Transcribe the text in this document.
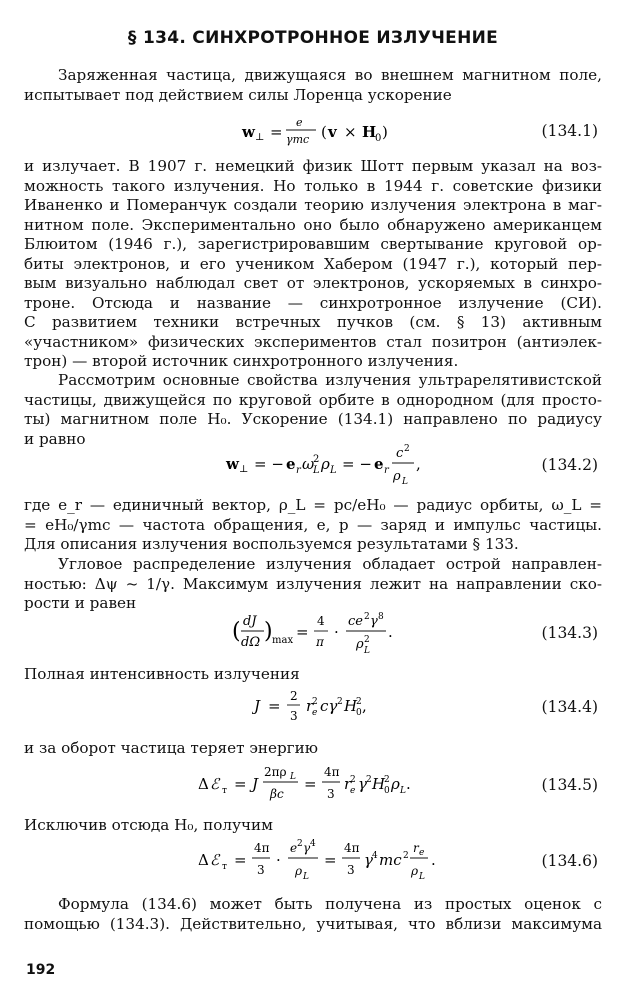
§ 134. СИНХРОТРОННОЕ ИЗЛУЧЕНИЕ
Заряженная частица, движущаяся во внешнем магнитном поле,
испытывает под действием силы Лоренца ускорение
w ⊥ =
e
γmc ( v × H
0 )	(134.1)
и излучает. В 1907 г. немецкий физик Шотт первым указал на воз-
можность такого излучения. Но только в 1944 г. советские физики
Иваненко и Померанчук создали теорию излучения электрона в маг-
нитном поле. Экспериментально оно было обнаружено американцем
Блюитом (1946 г.), зарегистрировавшим свертывание круговой ор-
биты электронов, и его учеником Хабером (1947 г.), который пер-
вым визуально наблюдал свет от электронов, ускоряемых в синхро-
троне. Отсюда и название — синхротронное излучение (СИ).
С развитием техники встречных пучков (см. § 13) активным
«участником» физических экспериментов стал позитрон (антиэлек-
трон) — второй источник синхротронного излучения.
Рассмотрим основные свойства излучения ультрарелятивистской
частицы, движущейся по круговой орбите в однородном (для просто-
ты) магнитном поле H₀. Ускорение (134.1) направлено по радиусу
и равно
w ⊥ = − e r ω
2
L ρ L = − e r
c 2
ρ L
,	(134.2)
где e_r — единичный вектор, ρ_L = pc/eH₀ — радиус орбиты, ω_L =
= eH₀/γmc — частота обращения, e, p — заряд и импульс частицы.
Для описания излучения воспользуемся результатами § 133.
Угловое распределение излучения обладает острой направлен-
ностью: Δψ ~ 1/γ. Максимум излучения лежит на направлении ско-
рости и равен
( dJ
dΩ ) max =
4
π
·
ce 2 γ 8
ρ 2
L
.	(134.3)
Полная интенсивность излучения
J =
2
3
r
2
e cγ 2 H
2
0 ,	(134.4)
и за оборот частица теряет энергию
Δ ℰ т = J
2πρ L
βc
=
4π
3
r
2
e γ 2 H
2
0 ρ L .	(134.5)
Исключив отсюда H₀, получим
Δ ℰ т =
4π
3
·
e 2 γ 4
ρ L
=
4π
3
γ 4 mc 2
r e
ρ L
.	(134.6)
Формула (134.6) может быть получена из простых оценок с
помощью (134.3). Действительно, учитывая, что вблизи максимума
192
